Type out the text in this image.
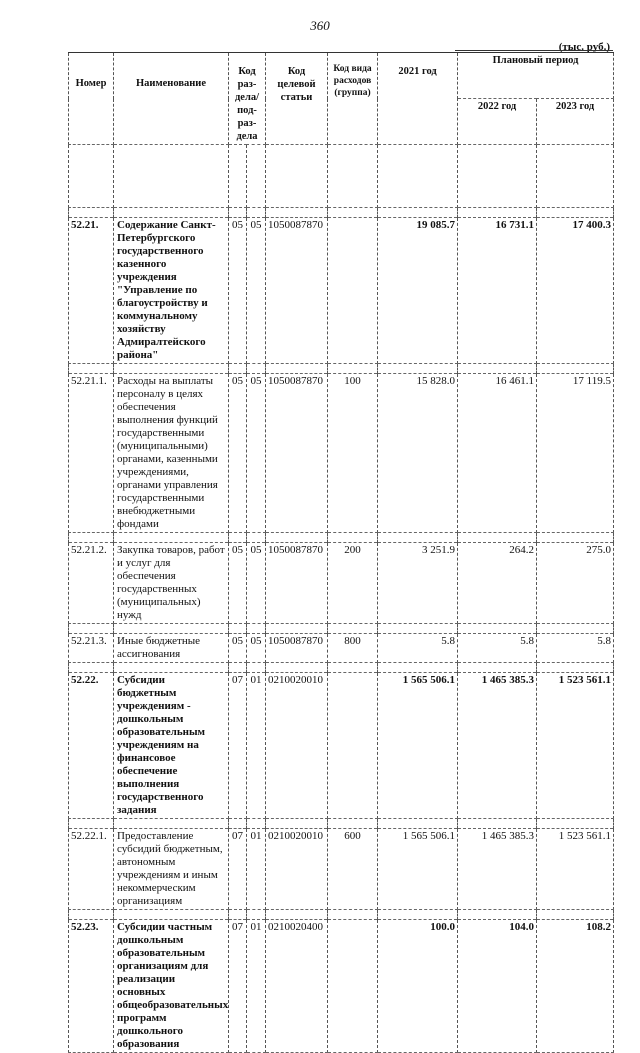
360
(тыс. руб.)
Номер	Наименование	Код раз-дела/ под-раз-дела		Код целевой статьи	Код вида расходов (группа)	2021 год	Плановый период	
							2022 год	2023 год

52.21.	Содержание Санкт-Петербургского государственного казенного учреждения "Управление по благоустройству и коммунальному хозяйству Адмиралтейского района"	05	05	1050087870		19 085.7	16 731.1	17 400.3

52.21.1.	Расходы на выплаты персоналу в целях обеспечения выполнения функций государственными (муниципальными) органами, казенными учреждениями, органами управления государственными внебюджетными фондами	05	05	1050087870	100	15 828.0	16 461.1	17 119.5

52.21.2.	Закупка товаров, работ и услуг для обеспечения государственных (муниципальных) нужд	05	05	1050087870	200	3 251.9	264.2	275.0

52.21.3.	Иные бюджетные ассигнования	05	05	1050087870	800	5.8	5.8	5.8

52.22.	Субсидии бюджетным учреждениям - дошкольным образовательным учреждениям на финансовое обеспечение выполнения государственного задания	07	01	0210020010		1 565 506.1	1 465 385.3	1 523 561.1

52.22.1.	Предоставление субсидий бюджетным, автономным учреждениям и иным некоммерческим организациям	07	01	0210020010	600	1 565 506.1	1 465 385.3	1 523 561.1

52.23.	Субсидии частным дошкольным образовательным организациям для реализации основных общеобразовательных программ дошкольного образования	07	01	0210020400		100.0	104.0	108.2
